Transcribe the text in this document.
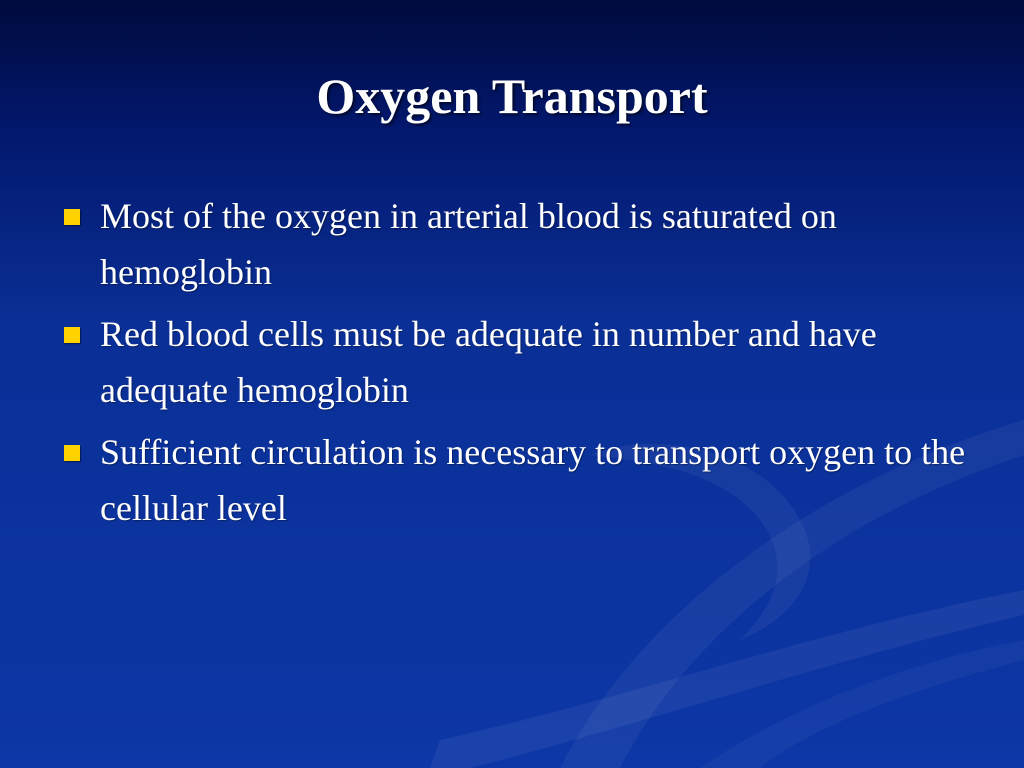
Oxygen Transport
Most of the oxygen in arterial blood is saturated on hemoglobin
Red blood cells must be adequate in number and have adequate hemoglobin
Sufficient circulation is necessary to transport oxygen to the cellular level
